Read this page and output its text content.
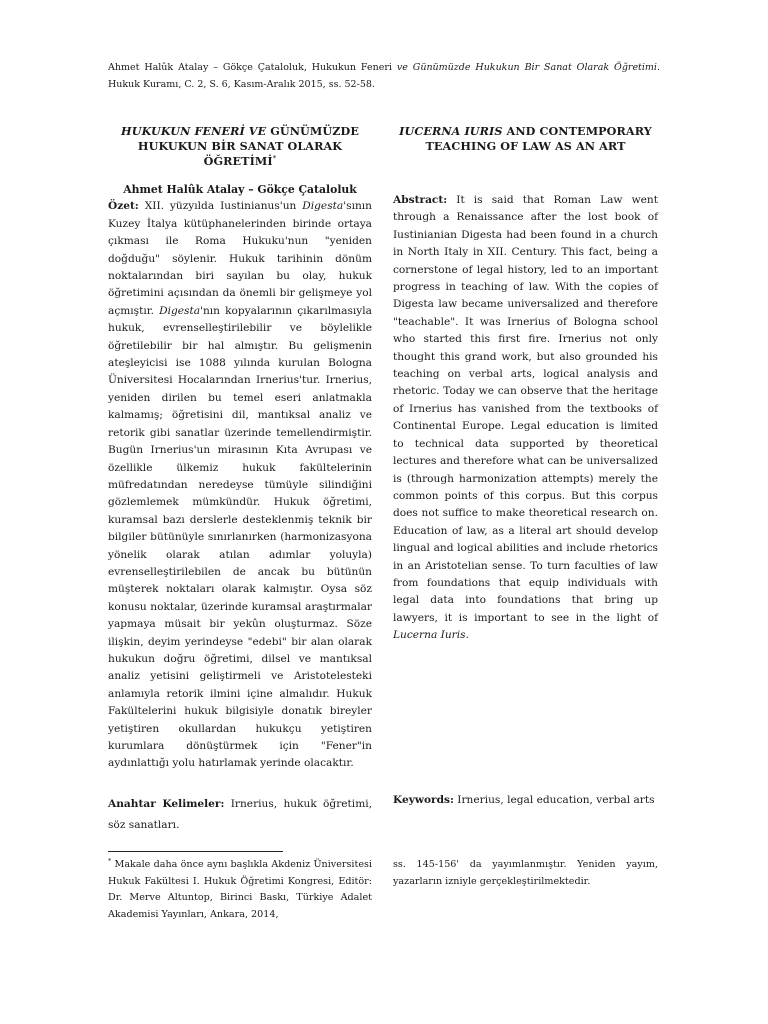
Ahmet Halûk Atalay – Gökçe Çataloluk, Hukukun Feneri ve Günümüzde Hukukun Bir Sanat Olarak Öğretimi. Hukuk Kuramı, C. 2, S. 6, Kasım-Aralık 2015, ss. 52-58.
HUKUKUN FENERİ VE GÜNÜMÜZDE HUKUKUN BİR SANAT OLARAK ÖĞRETİMİ*
Ahmet Halûk Atalay – Gökçe Çataloluk

Özet: XII. yüzyılda Iustinianus'un Digesta'sının Kuzey İtalya kütüphanelerinden birinde ortaya çıkması ile Roma Hukuku'nun "yeniden doğduğu" söylenir. Hukuk tarihinin dönüm noktalarından biri sayılan bu olay, hukuk öğretimini açısından da önemli bir gelişmeye yol açmıştır. Digesta'nın kopyalarının çıkarılmasıyla hukuk, evrenselleştirilebilir ve böylelikle öğretilebilir bir hal almıştır. Bu gelişmenin ateşleyicisi ise 1088 yılında kurulan Bologna Üniversitesi Hocalarından Irnerius'tur. Irnerius, yeniden dirilen bu temel eseri anlatmakla kalmamış; öğretisini dil, mantıksal analiz ve retorik gibi sanatlar üzerinde temellendirmiştir. Bugün Irnerius'un mirasının Kıta Avrupası ve özellikle ülkemiz hukuk fakültelerinin müfredatından neredeyse tümüyle silindiğini gözlemlemek mümkündür. Hukuk öğretimi, kuramsal bazı derslerle desteklenmiş teknik bir bilgiler bütünüyle sınırlanırken (harmonizasyona yönelik olarak atılan adımlar yoluyla) evrenselleştirilebilen de ancak bu bütünün müşterek noktaları olarak kalmıştır. Oysa söz konusu noktalar, üzerinde kuramsal araştırmalar yapmaya müsait bir yekûn oluşturmaz. Söze ilişkin, deyim yerindeyse "edebi" bir alan olarak hukukun doğru öğretimi, dilsel ve mantıksal analiz yetisini geliştirmeli ve Aristotelesteki anlamıyla retorik ilmini içine almalıdır. Hukuk Fakültelerini hukuk bilgisiyle donatık bireyler yetiştiren okullardan hukukçu yetiştiren kurumlara dönüştürmek için "Fener"in aydınlattığı yolu hatırlamak yerinde olacaktır.

IUCERNA IURIS AND CONTEMPORARY TEACHING OF LAW AS AN ART

Abstract: It is said that Roman Law went through a Renaissance after the lost book of Iustinianian Digesta had been found in a church in North Italy in XII. Century. This fact, being a cornerstone of legal history, led to an important progress in teaching of law. With the copies of Digesta law became universalized and therefore "teachable". It was Irnerius of Bologna school who started this first fire. Irnerius not only thought this grand work, but also grounded his teaching on verbal arts, logical analysis and rhetoric. Today we can observe that the heritage of Irnerius has vanished from the textbooks of Continental Europe. Legal education is limited to technical data supported by theoretical lectures and therefore what can be universalized is (through harmonization attempts) merely the common points of this corpus. But this corpus does not suffice to make theoretical research on. Education of law, as a literal art should develop lingual and logical abilities and include rhetorics in an Aristotelian sense. To turn faculties of law from foundations that equip individuals with legal data into foundations that bring up lawyers, it is important to see in the light of Lucerna Iuris.

Anahtar Kelimeler: Irnerius, hukuk öğretimi, söz sanatları.
Keywords: Irnerius, legal education, verbal arts
* Makale daha önce aynı başlıkla Akdeniz Üniversitesi Hukuk Fakültesi I. Hukuk Öğretimi Kongresi, Editör: Dr. Merve Altuntop, Birinci Baskı, Türkiye Adalet Akademisi Yayınları, Ankara, 2014,
ss. 145-156' da yayımlanmıştır. Yeniden yayım, yazarların izniyle gerçekleştirilmektedir.
